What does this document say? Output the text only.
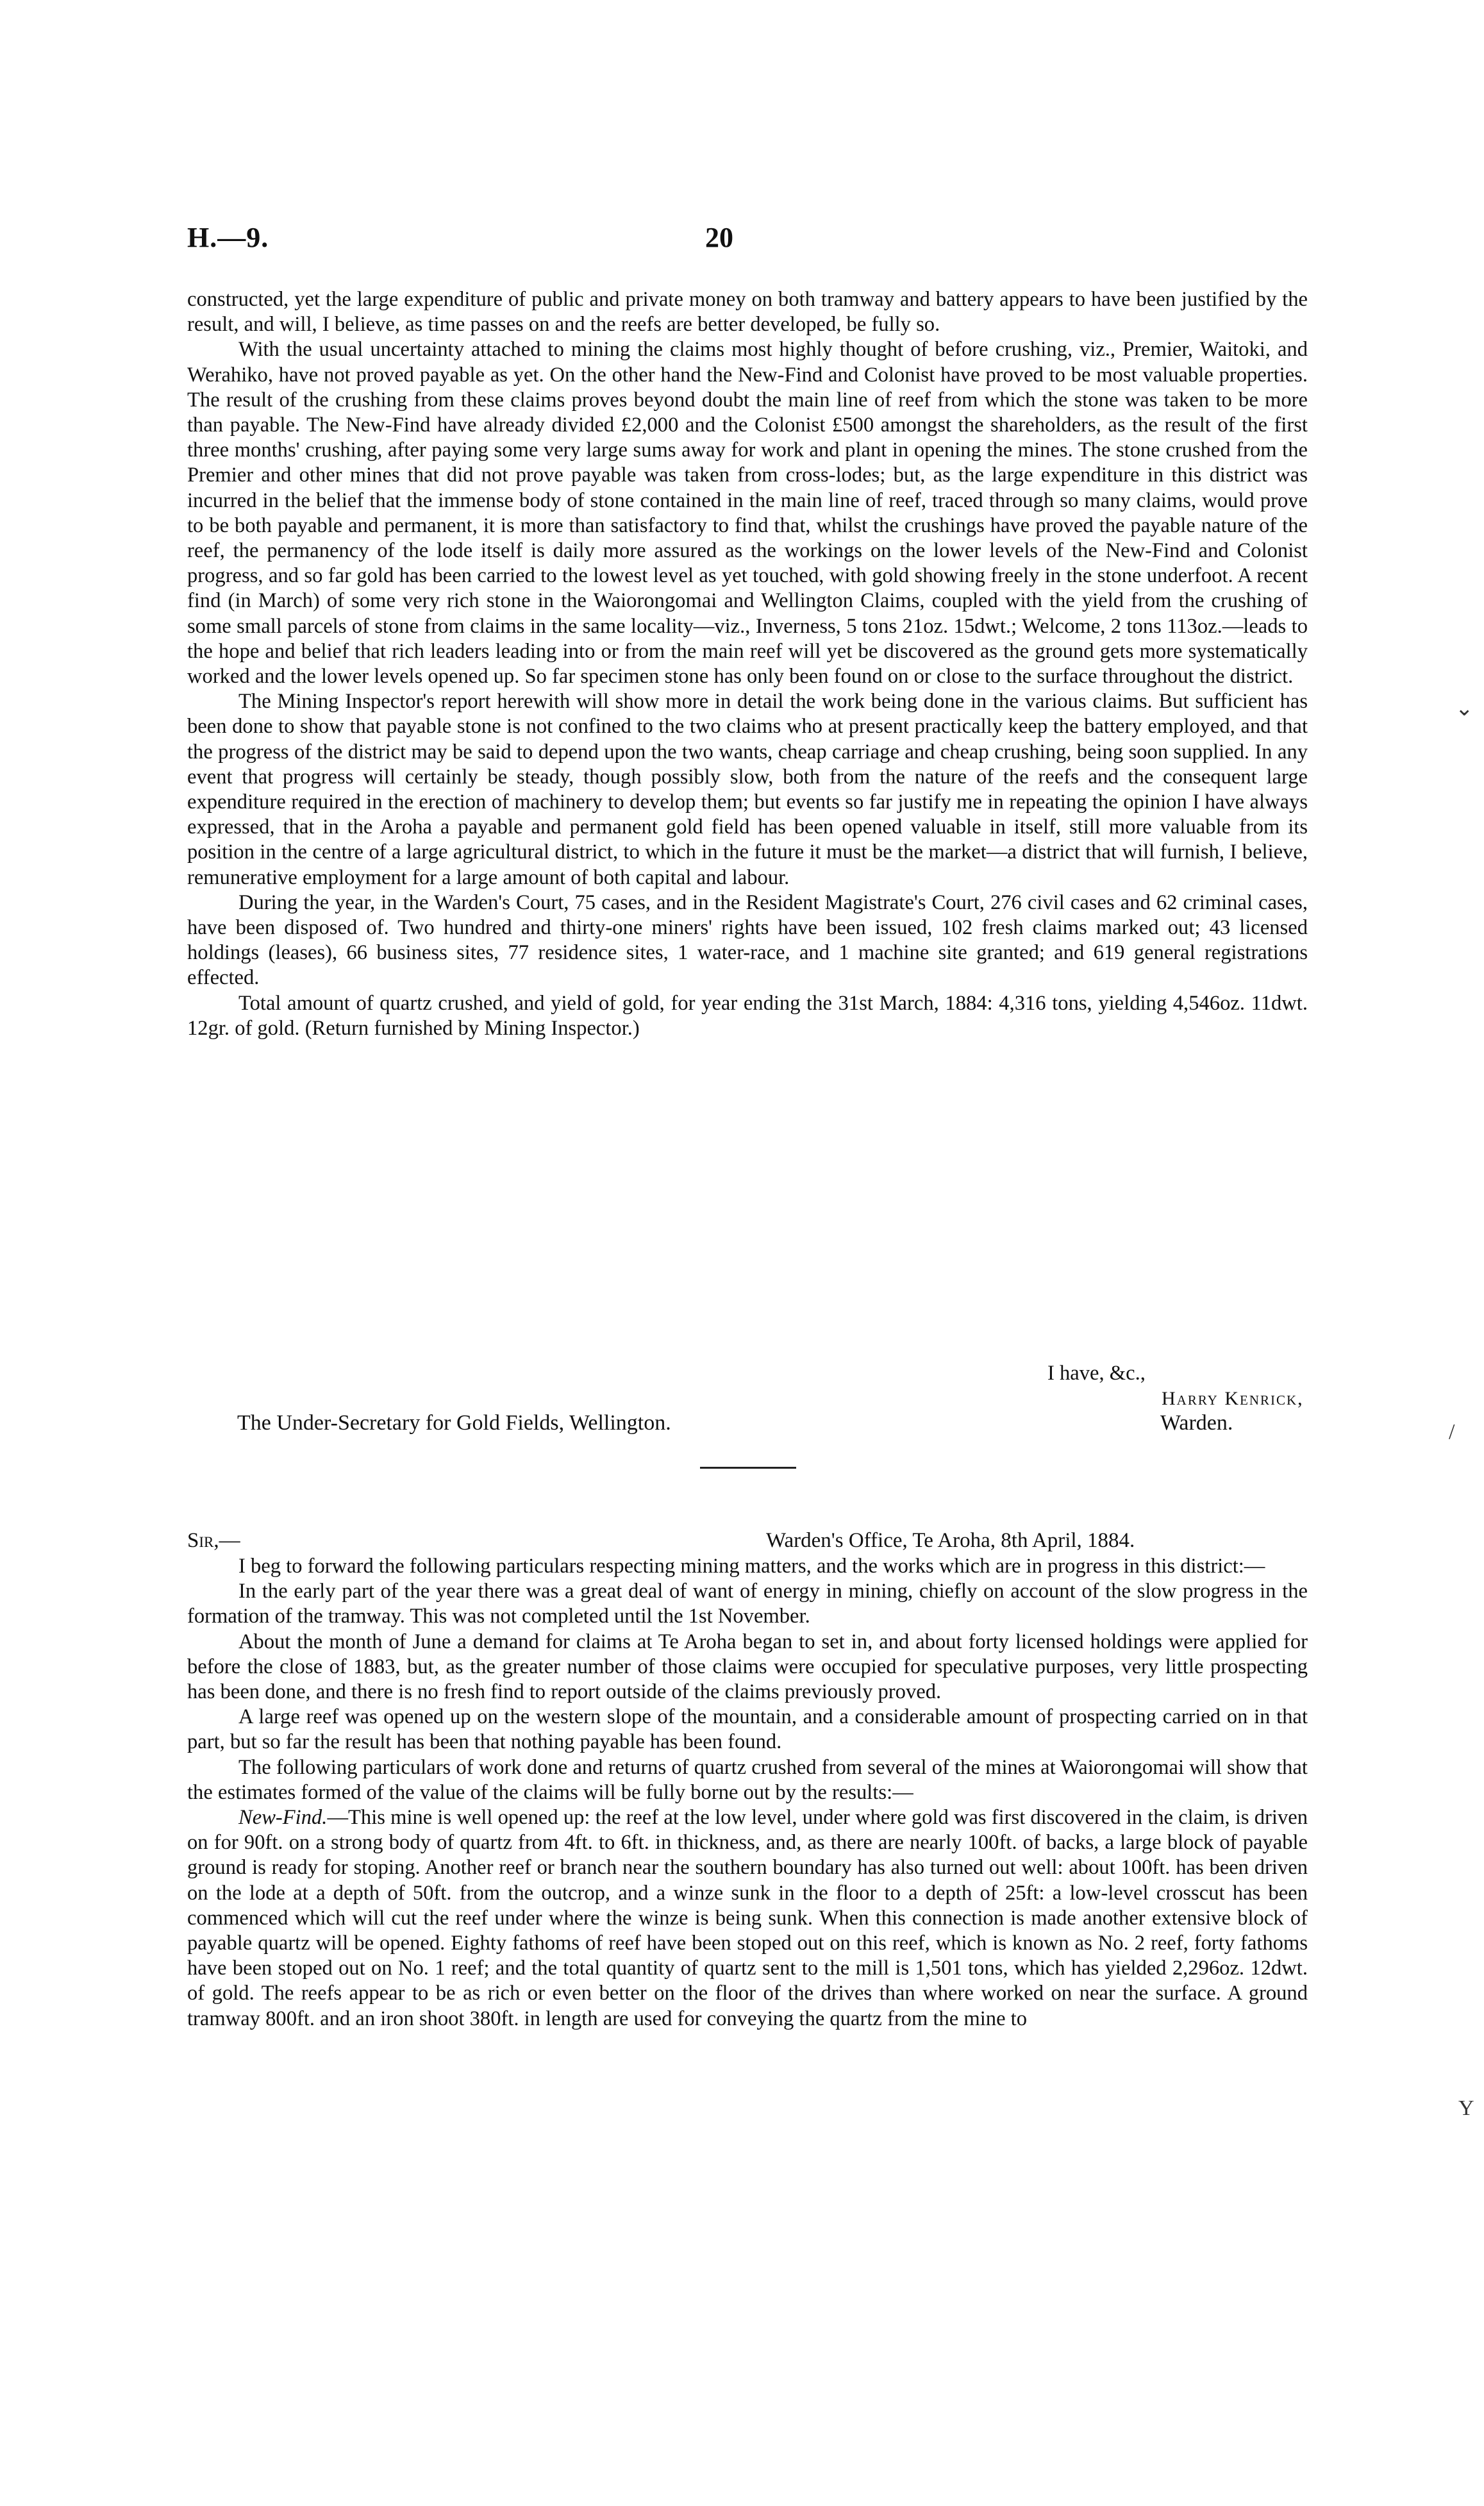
H.—9.	20

constructed, yet the large expenditure of public and private money on both tramway and battery appears to have been justified by the result, and will, I believe, as time passes on and the reefs are better developed, be fully so.

With the usual uncertainty attached to mining the claims most highly thought of before crushing, viz., Premier, Waitoki, and Werahiko, have not proved payable as yet. On the other hand the New-Find and Colonist have proved to be most valuable properties. The result of the crushing from these claims proves beyond doubt the main line of reef from which the stone was taken to be more than payable. The New-Find have already divided £2,000 and the Colonist £500 amongst the shareholders, as the result of the first three months' crushing, after paying some very large sums away for work and plant in opening the mines. The stone crushed from the Premier and other mines that did not prove payable was taken from cross-lodes; but, as the large expenditure in this district was incurred in the belief that the immense body of stone contained in the main line of reef, traced through so many claims, would prove to be both payable and permanent, it is more than satisfactory to find that, whilst the crushings have proved the payable nature of the reef, the permanency of the lode itself is daily more assured as the workings on the lower levels of the New-Find and Colonist progress, and so far gold has been carried to the lowest level as yet touched, with gold showing freely in the stone underfoot. A recent find (in March) of some very rich stone in the Waiorongomai and Wellington Claims, coupled with the yield from the crushing of some small parcels of stone from claims in the same locality—viz., Inverness, 5 tons 21oz. 15dwt.; Welcome, 2 tons 113oz.—leads to the hope and belief that rich leaders leading into or from the main reef will yet be discovered as the ground gets more systematically worked and the lower levels opened up. So far specimen stone has only been found on or close to the surface throughout the district.

The Mining Inspector's report herewith will show more in detail the work being done in the various claims. But sufficient has been done to show that payable stone is not confined to the two claims who at present practically keep the battery employed, and that the progress of the district may be said to depend upon the two wants, cheap carriage and cheap crushing, being soon supplied. In any event that progress will certainly be steady, though possibly slow, both from the nature of the reefs and the consequent large expenditure required in the erection of machinery to develop them; but events so far justify me in repeating the opinion I have always expressed, that in the Aroha a payable and permanent gold field has been opened valuable in itself, still more valuable from its position in the centre of a large agricultural district, to which in the future it must be the market—a district that will furnish, I believe, remunerative employment for a large amount of both capital and labour.

During the year, in the Warden's Court, 75 cases, and in the Resident Magistrate's Court, 276 civil cases and 62 criminal cases, have been disposed of. Two hundred and thirty-one miners' rights have been issued, 102 fresh claims marked out; 43 licensed holdings (leases), 66 business sites, 77 residence sites, 1 water-race, and 1 machine site granted; and 619 general registrations effected.

Total amount of quartz crushed, and yield of gold, for year ending the 31st March, 1884: 4,316 tons, yielding 4,546oz. 11dwt. 12gr. of gold. (Return furnished by Mining Inspector.)

I have, &c.,
Harry Kenrick,
The Under-Secretary for Gold Fields, Wellington.	Warden.
Sir,—	Warden's Office, Te Aroha, 8th April, 1884.

I beg to forward the following particulars respecting mining matters, and the works which are in progress in this district:—

In the early part of the year there was a great deal of want of energy in mining, chiefly on account of the slow progress in the formation of the tramway. This was not completed until the 1st November.

About the month of June a demand for claims at Te Aroha began to set in, and about forty licensed holdings were applied for before the close of 1883, but, as the greater number of those claims were occupied for speculative purposes, very little prospecting has been done, and there is no fresh find to report outside of the claims previously proved.

A large reef was opened up on the western slope of the mountain, and a considerable amount of prospecting carried on in that part, but so far the result has been that nothing payable has been found.

The following particulars of work done and returns of quartz crushed from several of the mines at Waiorongomai will show that the estimates formed of the value of the claims will be fully borne out by the results:—

New-Find.—This mine is well opened up: the reef at the low level, under where gold was first discovered in the claim, is driven on for 90ft. on a strong body of quartz from 4ft. to 6ft. in thickness, and, as there are nearly 100ft. of backs, a large block of payable ground is ready for stoping. Another reef or branch near the southern boundary has also turned out well: about 100ft. has been driven on the lode at a depth of 50ft. from the outcrop, and a winze sunk in the floor to a depth of 25ft: a low-level crosscut has been commenced which will cut the reef under where the winze is being sunk. When this connection is made another extensive block of payable quartz will be opened. Eighty fathoms of reef have been stoped out on this reef, which is known as No. 2 reef, forty fathoms have been stoped out on No. 1 reef; and the total quantity of quartz sent to the mill is 1,501 tons, which has yielded 2,296oz. 12dwt. of gold. The reefs appear to be as rich or even better on the floor of the drives than where worked on near the surface. A ground tramway 800ft. and an iron shoot 380ft. in length are used for conveying the quartz from the mine to

⌄
/
Y
